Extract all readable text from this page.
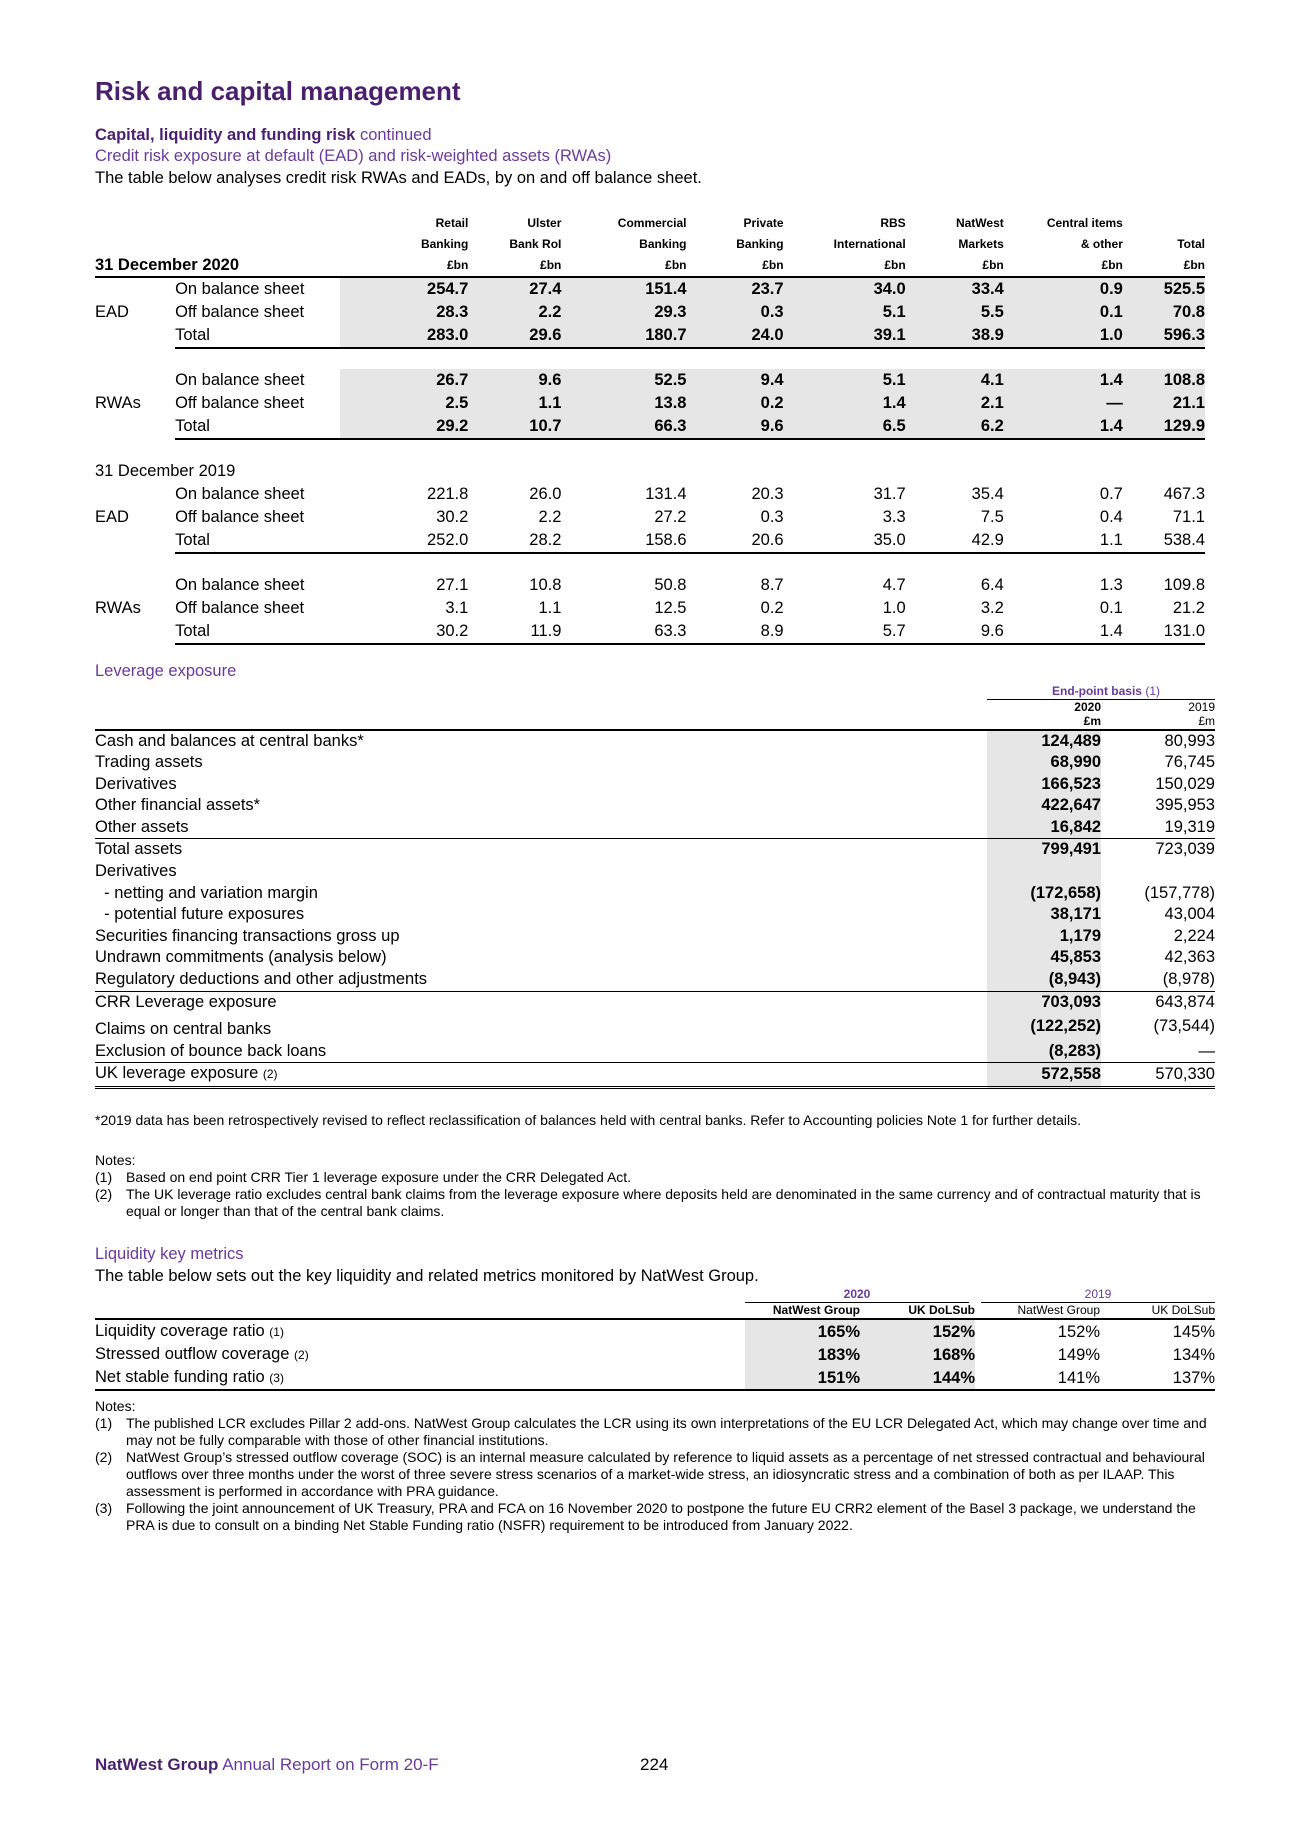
Risk and capital management
Capital, liquidity and funding risk continued
Credit risk exposure at default (EAD) and risk-weighted assets (RWAs)
The table below analyses credit risk RWAs and EADs, by on and off balance sheet.
		Retail	Ulster	Commercial	Private	RBS	NatWest	Central items	
		Banking	Bank RoI	Banking	Banking	International	Markets	& other	Total
31 December 2020		£bn	£bn	£bn	£bn	£bn	£bn	£bn	£bn
	On balance sheet	254.7	27.4	151.4	23.7	34.0	33.4	0.9	525.5
EAD	Off balance sheet	28.3	2.2	29.3	0.3	5.1	5.5	0.1	70.8
	Total	283.0	29.6	180.7	24.0	39.1	38.9	1.0	596.3

	On balance sheet	26.7	9.6	52.5	9.4	5.1	4.1	1.4	108.8
RWAs	Off balance sheet	2.5	1.1	13.8	0.2	1.4	2.1	—	21.1
	Total	29.2	10.7	66.3	9.6	6.5	6.2	1.4	129.9

31 December 2019									
	On balance sheet	221.8	26.0	131.4	20.3	31.7	35.4	0.7	467.3
EAD	Off balance sheet	30.2	2.2	27.2	0.3	3.3	7.5	0.4	71.1
	Total	252.0	28.2	158.6	20.6	35.0	42.9	1.1	538.4

	On balance sheet	27.1	10.8	50.8	8.7	4.7	6.4	1.3	109.8
RWAs	Off balance sheet	3.1	1.1	12.5	0.2	1.0	3.2	0.1	21.2
	Total	30.2	11.9	63.3	8.9	5.7	9.6	1.4	131.0
Leverage exposure
	End-point basis (1)	
	2020	2019
	£m	£m
Cash and balances at central banks*	124,489	80,993
Trading assets	68,990	76,745
Derivatives	166,523	150,029
Other financial assets*	422,647	395,953
Other assets	16,842	19,319
Total assets	799,491	723,039
Derivatives		
- netting and variation margin	(172,658)	(157,778)
- potential future exposures	38,171	43,004
Securities financing transactions gross up	1,179	2,224
Undrawn commitments (analysis below)	45,853	42,363
Regulatory deductions and other adjustments	(8,943)	(8,978)
CRR Leverage exposure	703,093	643,874
Claims on central banks	(122,252)	(73,544)
Exclusion of bounce back loans	(8,283)	—
UK leverage exposure (2)	572,558	570,330
*2019 data has been retrospectively revised to reflect reclassification of balances held with central banks. Refer to Accounting policies Note 1 for further details.
Notes:
(1) Based on end point CRR Tier 1 leverage exposure under the CRR Delegated Act.
(2) The UK leverage ratio excludes central bank claims from the leverage exposure where deposits held are denominated in the same currency and of contractual maturity that is equal or longer than that of the central bank claims.
Liquidity key metrics
The table below sets out the key liquidity and related metrics monitored by NatWest Group.
	2020		2019	
	NatWest Group	UK DoLSub	NatWest Group	UK DoLSub
Liquidity coverage ratio (1)	165%	152%	152%	145%
Stressed outflow coverage (2)	183%	168%	149%	134%
Net stable funding ratio (3)	151%	144%	141%	137%
Notes:
(1) The published LCR excludes Pillar 2 add-ons. NatWest Group calculates the LCR using its own interpretations of the EU LCR Delegated Act, which may change over time and may not be fully comparable with those of other financial institutions.
(2) NatWest Group’s stressed outflow coverage (SOC) is an internal measure calculated by reference to liquid assets as a percentage of net stressed contractual and behavioural outflows over three months under the worst of three severe stress scenarios of a market-wide stress, an idiosyncratic stress and a combination of both as per ILAAP. This assessment is performed in accordance with PRA guidance.
(3) Following the joint announcement of UK Treasury, PRA and FCA on 16 November 2020 to postpone the future EU CRR2 element of the Basel 3 package, we understand the PRA is due to consult on a binding Net Stable Funding ratio (NSFR) requirement to be introduced from January 2022.
NatWest Group Annual Report on Form 20-F	224
